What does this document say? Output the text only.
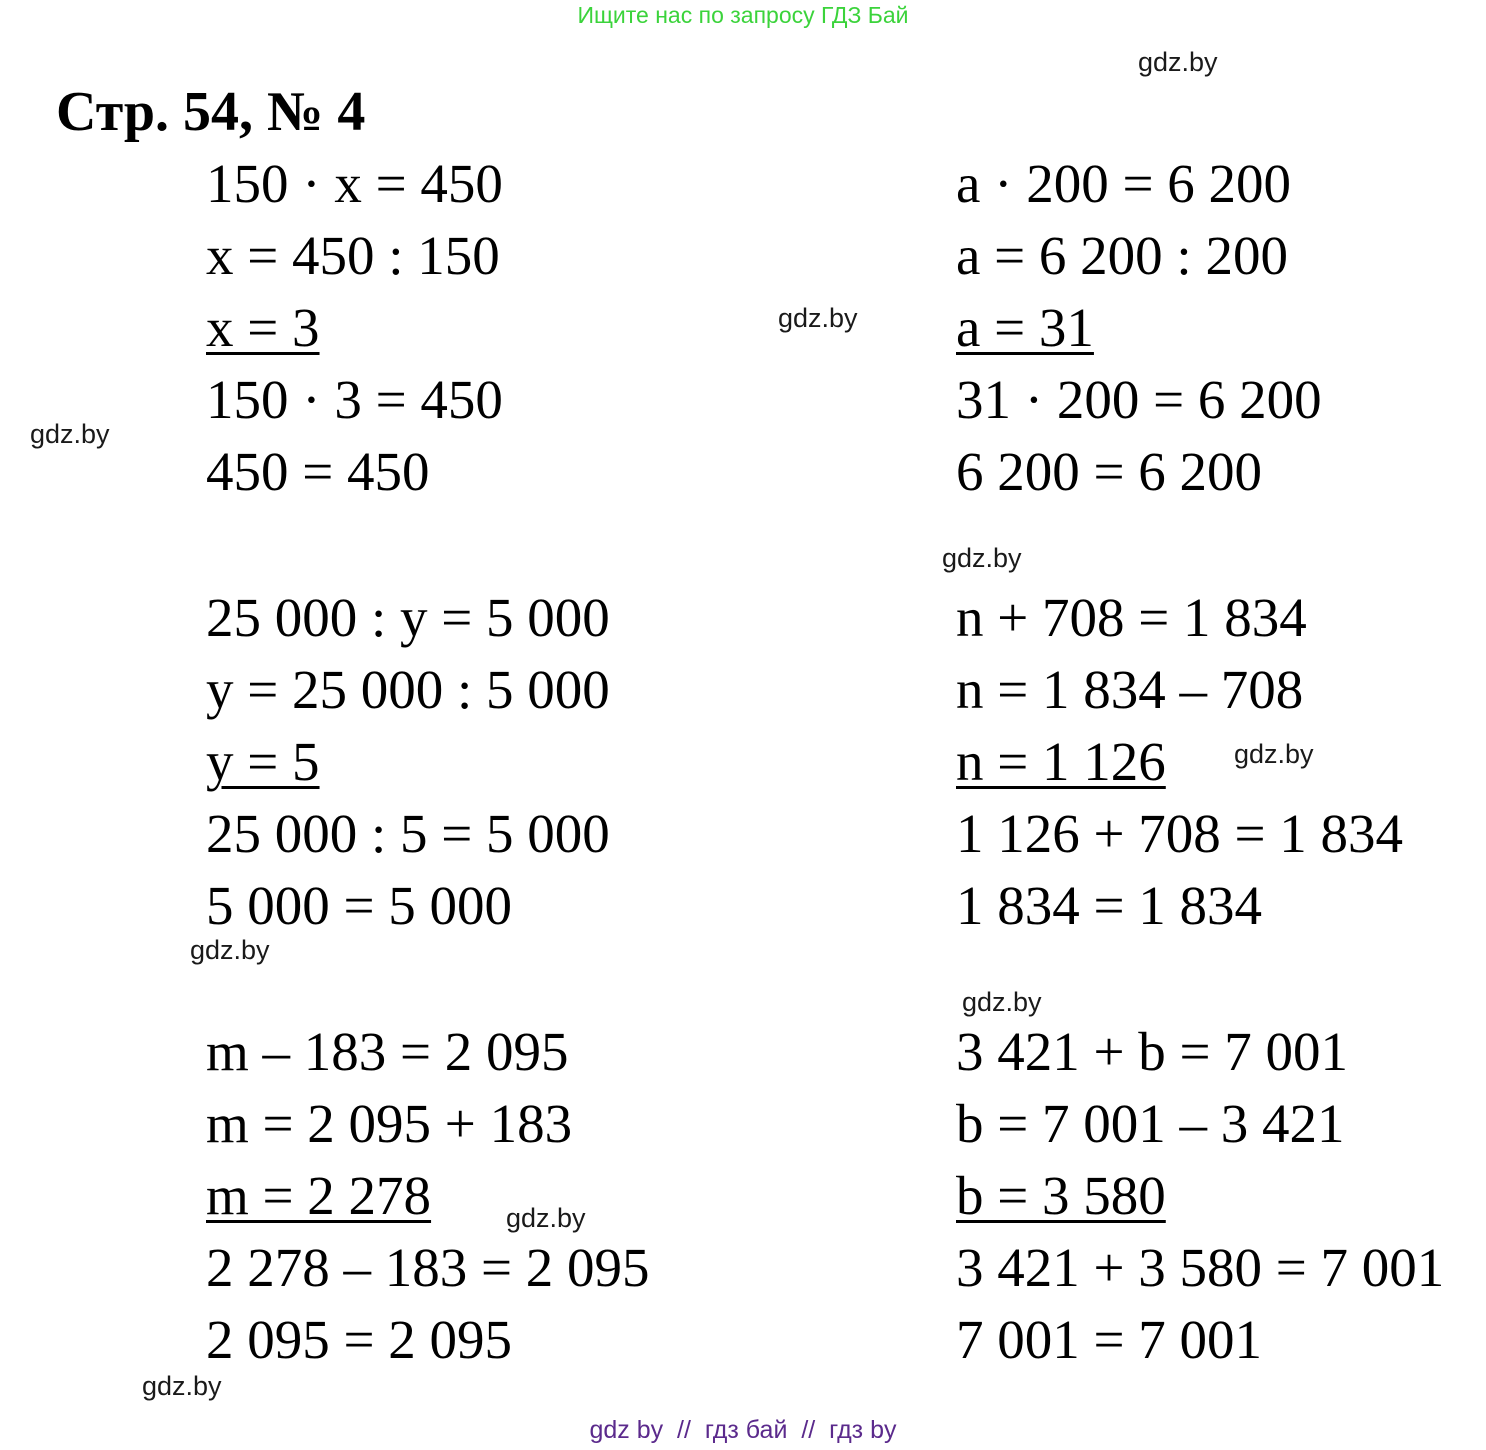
Ищите нас по запросу ГДЗ Бай
Стр. 54, № 4
gdz.by
gdz.by
gdz.by
gdz.by
gdz.by
gdz.by
gdz.by
gdz.by
gdz.by
150 · x = 450
x = 450 : 150
x = 3
150 · 3 = 450
450 = 450
a · 200 = 6 200
a = 6 200 : 200
a = 31
31 · 200 = 6 200
6 200 = 6 200
25 000 : y = 5 000
y = 25 000 : 5 000
y = 5
25 000 : 5 = 5 000
5 000 = 5 000
n + 708 = 1 834
n = 1 834 – 708
n = 1 126
1 126 + 708 = 1 834
1 834 = 1 834
m – 183 = 2 095
m = 2 095 + 183
m = 2 278
2 278 – 183 = 2 095
2 095 = 2 095
3 421 + b = 7 001
b = 7 001 – 3 421
b = 3 580
3 421 + 3 580 = 7 001
7 001 = 7 001
gdz by  //  гдз бай  //  гдз by
